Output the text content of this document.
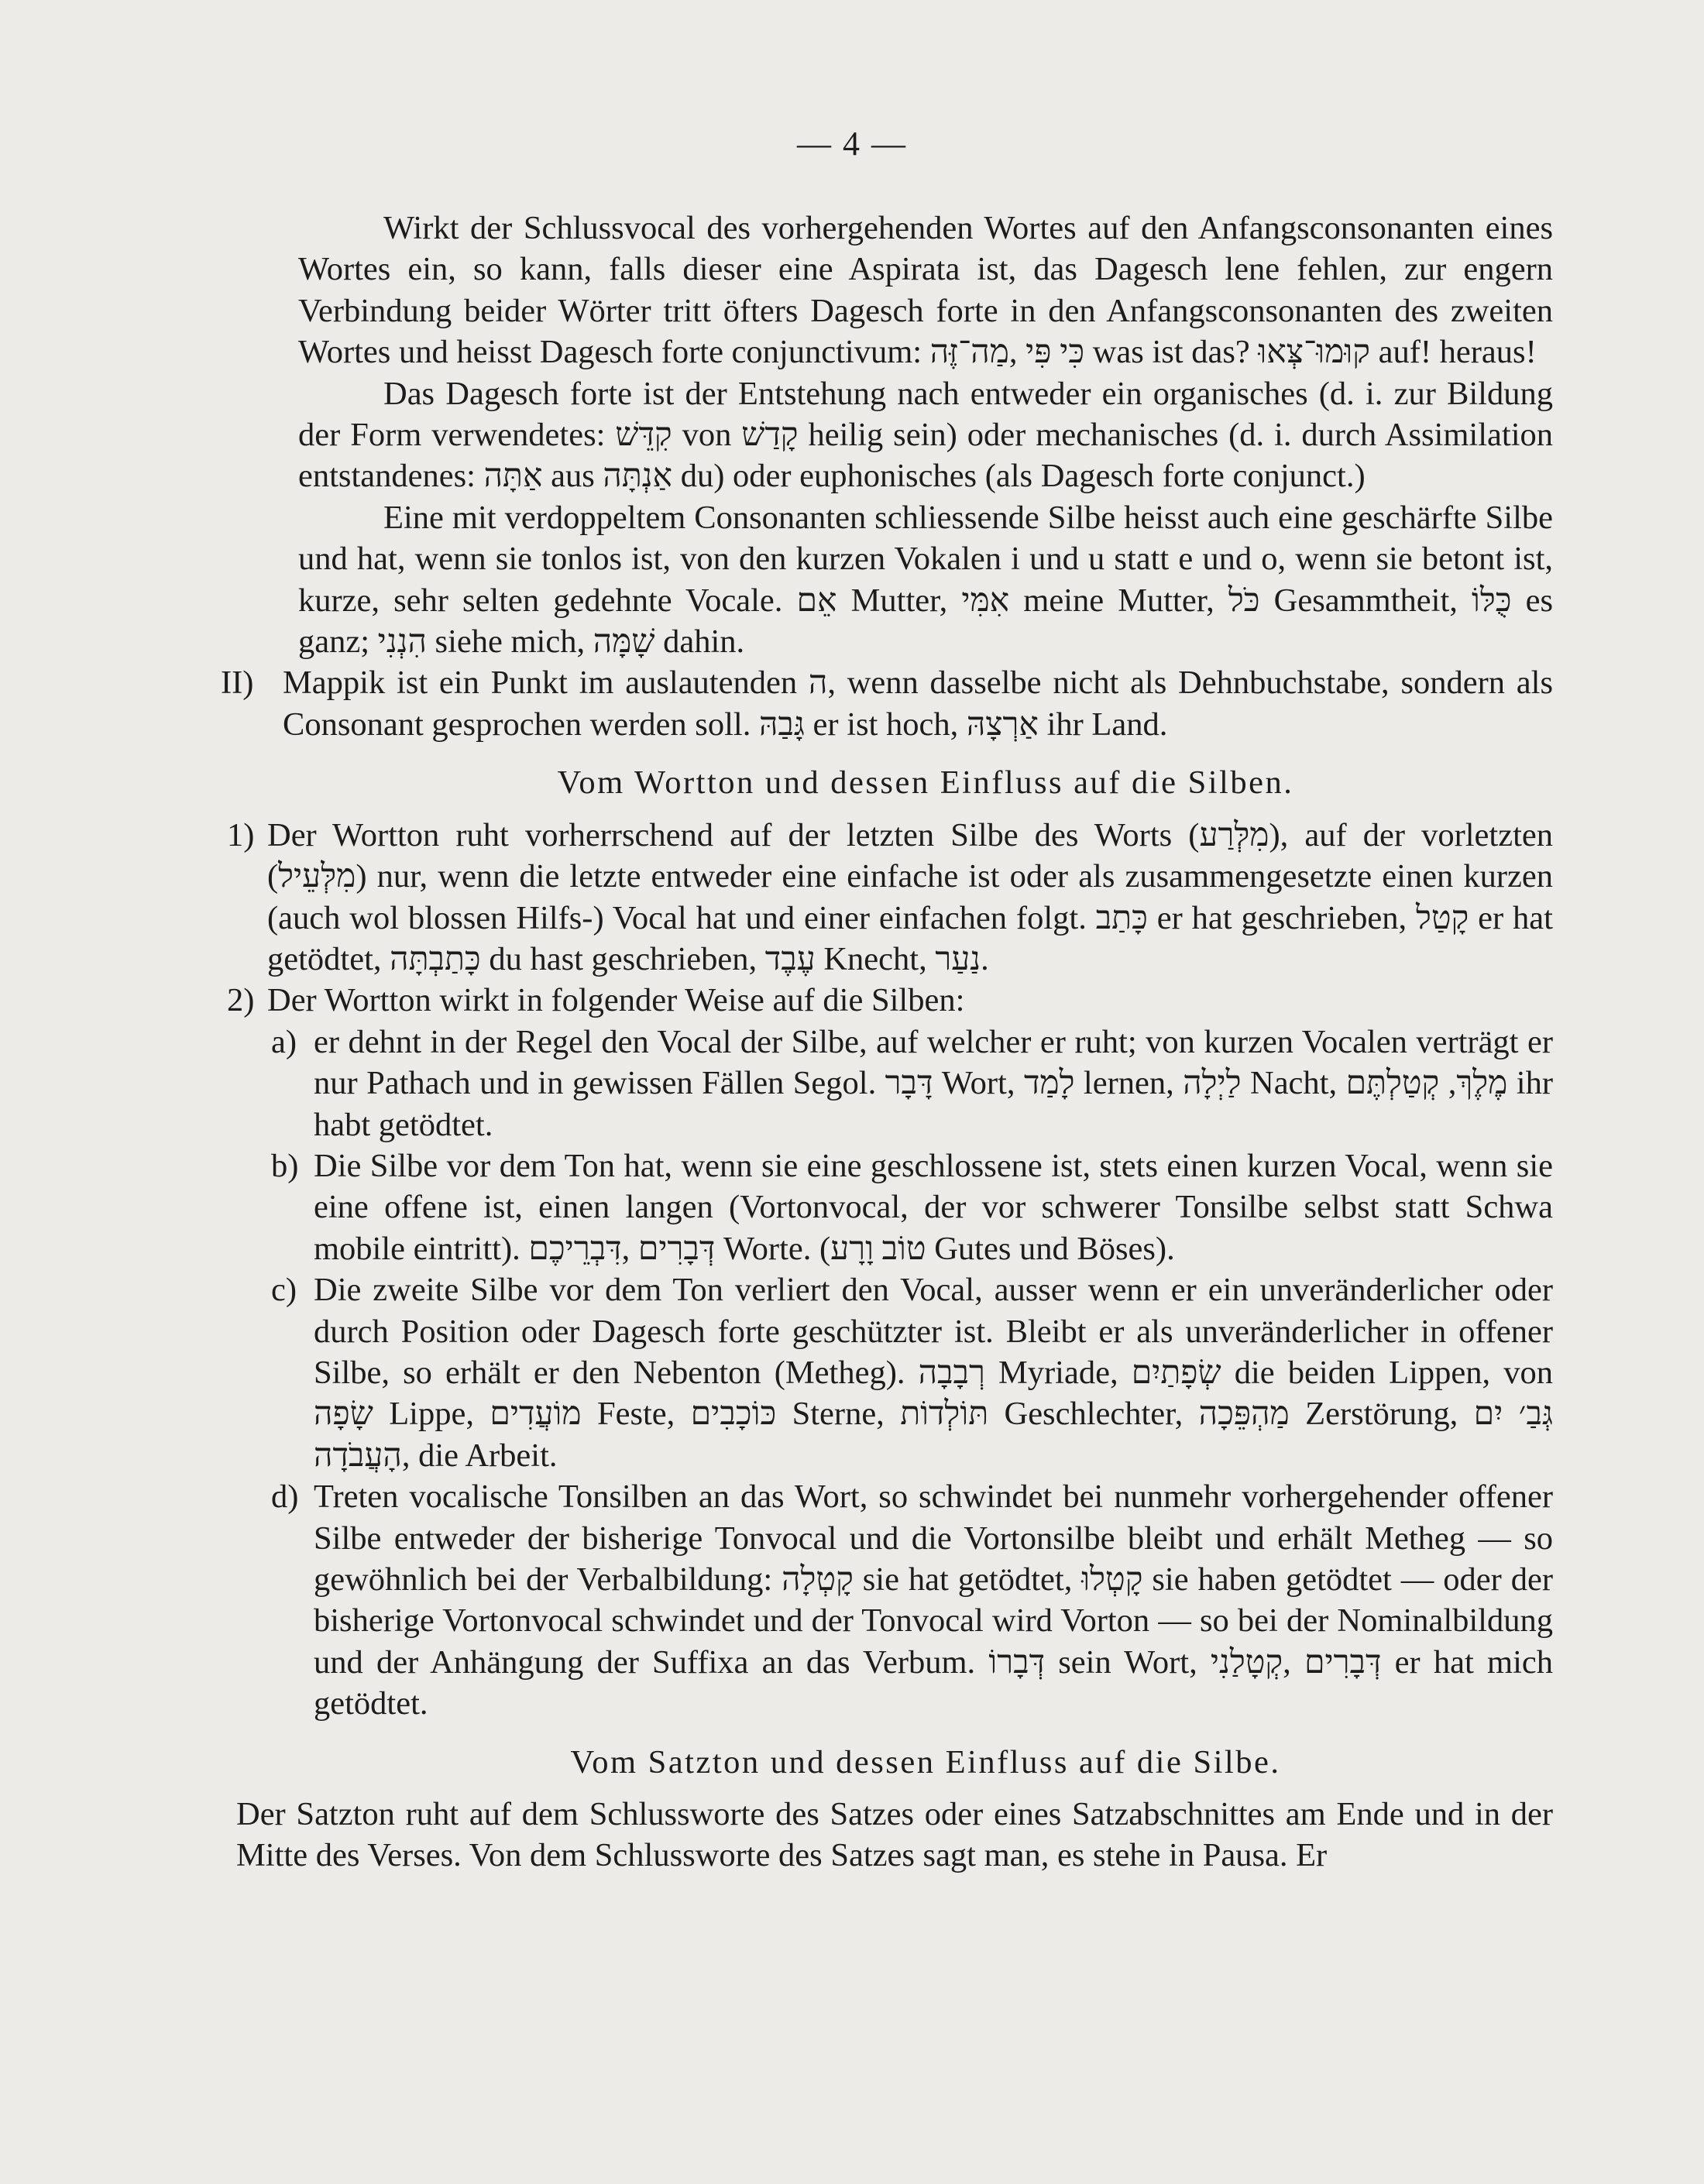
— 4 —

Wirkt der Schlussvocal des vorhergehenden Wortes auf den Anfangsconsonanten eines Wortes ein, so kann, falls dieser eine Aspirata ist, das Dagesch lene fehlen, zur engern Verbindung beider Wörter tritt öfters Dagesch forte in den Anfangsconsonanten des zweiten Wortes und heisst Dagesch forte conjunctivum: כִּי פִּי ,מַה־זֶּה was ist das? קוּמוּ־צְּאוּ auf! heraus!

Das Dagesch forte ist der Entstehung nach entweder ein organisches (d. i. zur Bildung der Form verwendetes: קִדֵּשׁ von קָדַשׁ heilig sein) oder mechanisches (d. i. durch Assimilation entstandenes: אַתָּה aus אַנְתָּה du) oder euphonisches (als Dagesch forte conjunct.)

Eine mit verdoppeltem Consonanten schliessende Silbe heisst auch eine geschärfte Silbe und hat, wenn sie tonlos ist, von den kurzen Vokalen i und u statt e und o, wenn sie betont ist, kurze, sehr selten gedehnte Vocale. אֵם Mutter, אִמִּי meine Mutter, כֹּל Gesammtheit, כֻּלּוֹ es ganz; הִנְנִי siehe mich, שָׁמָּה dahin.

II) Mappik ist ein Punkt im auslautenden ה, wenn dasselbe nicht als Dehnbuchstabe, sondern als Consonant gesprochen werden soll. גָּבַהּ er ist hoch, אַרְצָהּ ihr Land.

Vom Wortton und dessen Einfluss auf die Silben.

1) Der Wortton ruht vorherrschend auf der letzten Silbe des Worts (מִלְּרַע), auf der vorletzten (מִלְּעֵיל) nur, wenn die letzte entweder eine einfache ist oder als zusammengesetzte einen kurzen (auch wol blossen Hilfs-) Vocal hat und einer einfachen folgt. כָּתַב er hat geschrieben, קָטַל er hat getödtet, כָּתַבְתָּה du hast geschrieben, עֶבֶד Knecht, נַעַר.

2) Der Wortton wirkt in folgender Weise auf die Silben:

a) er dehnt in der Regel den Vocal der Silbe, auf welcher er ruht; von kurzen Vocalen verträgt er nur Pathach und in gewissen Fällen Segol. דָּבָר Wort, לָמַד lernen, לַיְלָה Nacht, מֶלֶךְ, קְטַלְתֶּם ihr habt getödtet.

b) Die Silbe vor dem Ton hat, wenn sie eine geschlossene ist, stets einen kurzen Vocal, wenn sie eine offene ist, einen langen (Vortonvocal, der vor schwerer Tonsilbe selbst statt Schwa mobile eintritt). דְּבָרִים ,דִּבְרֵיכֶם Worte. (טוֹב וָרָע Gutes und Böses).

c) Die zweite Silbe vor dem Ton verliert den Vocal, ausser wenn er ein unveränderlicher oder durch Position oder Dagesch forte geschützter ist. Bleibt er als unveränderlicher in offener Silbe, so erhält er den Nebenton (Metheg). רְבָבָה Myriade, שְׂפָתַיִם die beiden Lippen, von שָׂפָה Lippe, מוֹעֲדִים Feste, כּוֹכָבִים Sterne, תּוֹלְדוֹת Geschlechter, מַהְפֵּכָה Zerstörung, גְּבַ׳ יִם ,הָעֲבֹדָה die Arbeit.

d) Treten vocalische Tonsilben an das Wort, so schwindet bei nunmehr vorhergehender offener Silbe entweder der bisherige Tonvocal und die Vortonsilbe bleibt und erhält Metheg — so gewöhnlich bei der Verbalbildung: קָטְלָה sie hat getödtet, קָטְלוּ sie haben getödtet — oder der bisherige Vortonvocal schwindet und der Tonvocal wird Vorton — so bei der Nominalbildung und der Anhängung der Suffixa an das Verbum. דְּבָרוֹ sein Wort, דְּבָרִים ,קְטָלַנִי er hat mich getödtet.

Vom Satzton und dessen Einfluss auf die Silbe.

Der Satzton ruht auf dem Schlussworte des Satzes oder eines Satzabschnittes am Ende und in der Mitte des Verses. Von dem Schlussworte des Satzes sagt man, es stehe in Pausa. Er
